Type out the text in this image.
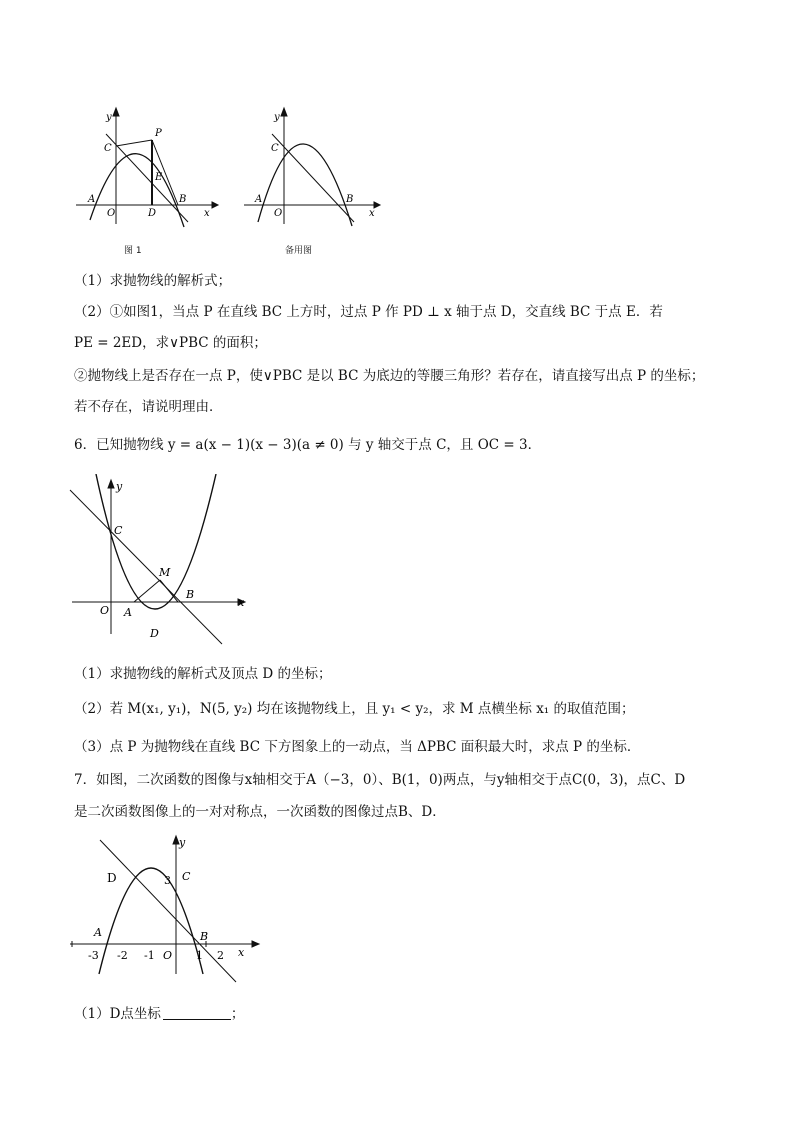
y
P
C
E
A	B
O	D	x
图 1
y
C
A	B
O	x
备用图
（1）求抛物线的解析式；
（2）①如图1，当点 P 在直线 BC 上方时，过点 P 作 PD ⊥ x 轴于点 D，交直线 BC 于点 E．若
PE = 2ED，求∨PBC 的面积；
②抛物线上是否存在一点 P，使∨PBC 是以 BC 为底边的等腰三角形？若存在，请直接写出点 P 的坐标；
若不存在，请说明理由．
6．已知抛物线 y = a(x − 1)(x − 3)(a ≠ 0) 与 y 轴交于点 C，且 OC = 3．
y
C
M
B
x
O A
D
（1）求抛物线的解析式及顶点 D 的坐标；
（2）若 M(x₁, y₁)，N(5, y₂) 均在该抛物线上，且 y₁ < y₂，求 M 点横坐标 x₁ 的取值范围；
（3）点 P 为抛物线在直线 BC 下方图象上的一动点，当 ΔPBC 面积最大时，求点 P 的坐标．
7．如图，二次函数的图像与x轴相交于A（−3，0）、B(1，0)两点，与y轴相交于点C(0，3)，点C、D
是二次函数图像上的一对对称点，一次函数的图像过点B、D．
y
D	3 C
A	B
-3 -2 -1 O 1 2 x
（1）D点坐标	；
